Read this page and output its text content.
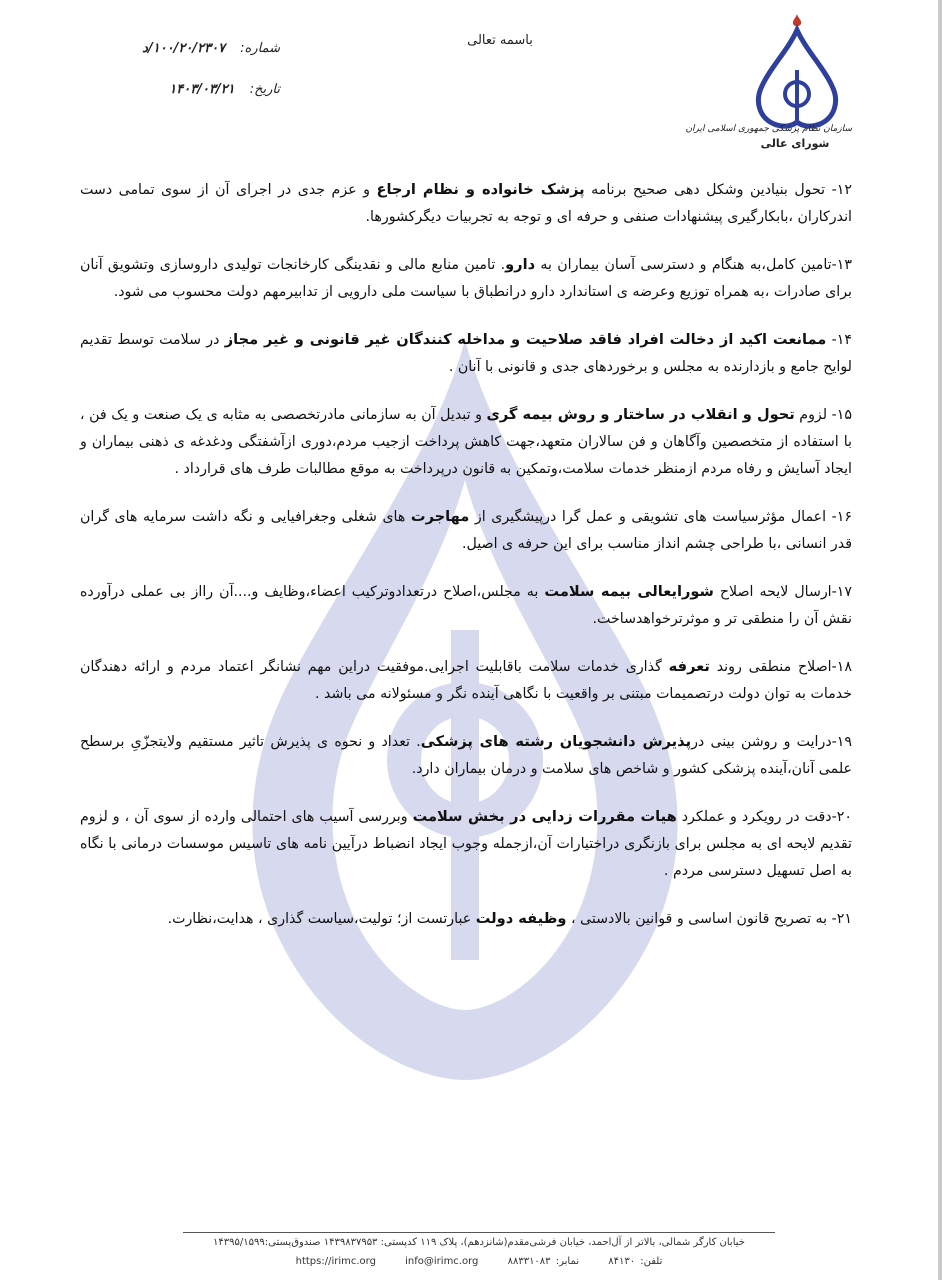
باسمه تعالی
شماره: ۱۰۰/۲۰/۲۳۰۷/د
تاریخ: ۱۴۰۳/۰۳/۲۱
سازمان نظام پزشکی جمهوری اسلامی ایران
شورای عالی

۱۲- تحول بنیادین وشکل دهی صحیح برنامه پزشک خانواده و نظام ارجاع و عزم جدی در اجرای آن از سوی تمامی دست اندرکاران ،بابکارگیری پیشنهادات صنفی و حرفه ای و توجه به تجربیات دیگرکشورها.

۱۳-تامین کامل،به هنگام و دسترسی آسان بیماران به دارو. تامین منابع مالی و نقدینگی کارخانجات تولیدی داروسازی وتشویق آنان برای صادرات ،به همراه توزیع وعرضه ی استاندارد دارو درانطباق با سیاست ملی دارویی از تدابیرمهم دولت محسوب می شود.

۱۴- ممانعت اکید از دخالت افراد فاقد صلاحیت و مداخله کنندگان غیر قانونی و غیر مجاز در سلامت توسط تقدیم لوایح جامع و بازدارنده به مجلس و برخوردهای جدی و قانونی با آنان .

۱۵- لزوم تحول و انقلاب در ساختار و روش بیمه گری و تبدیل آن به سازمانی مادرتخصصی به مثابه ی یک صنعت و یک فن ، با استفاده از متخصصین وآگاهان و فن سالاران متعهد،جهت کاهش پرداخت ازجیب مردم،دوری ازآشفتگی ودغدغه ی ذهنی بیماران و ایجاد آسایش و رفاه مردم ازمنظر خدمات سلامت،وتمکین به قانون درپرداخت به موقع مطالبات طرف های قرارداد .

۱۶- اعمال مؤثرسیاست های تشویقی و عمل گرا درپیشگیری از مهاجرت های شغلی وجغرافیایی و نگه داشت سرمایه های گران قدر انسانی ،با طراحی چشم انداز مناسب برای این حرفه ی اصیل.

۱۷-ارسال لایحه اصلاح شورایعالی بیمه سلامت به مجلس،اصلاح درتعدادوترکیب اعضاء،وظایف و....آن رااز بی عملی درآورده نقش آن را منطقی تر و موثرترخواهدساخت.

۱۸-اصلاح منطقی روند تعرفه گذاری خدمات سلامت باقابلیت اجرایی.موفقیت دراین مهم نشانگر اعتماد مردم و ارائه دهندگان خدمات به توان دولت درتصمیمات مبتنی بر واقعیت با نگاهی آینده نگر و مسئولانه می باشد .

۱۹-درایت و روشن بینی درپذیرش دانشجویان رشته های پزشکی. تعداد و نحوه ی پذیرش تاثیر مستقیم ولایتجزّیِ برسطح علمی آنان،آینده پزشکی کشور و شاخص های سلامت و درمان بیماران دارد.

۲۰-دقت در رویکرد و عملکرد هیات مقررات زدایی در بخش سلامت وبررسی آسیب های احتمالی وارده از سوی آن ، و لزوم تقدیم لایحه ای به مجلس برای بازنگری دراختیارات آن،ازجمله وجوب ایجاد انضباط درآیین نامه های تاسیس موسسات درمانی با نگاه به اصل تسهیل دسترسی مردم .

۲۱- به تصریح قانون اساسی و قوانین بالادستی ، وظیفه دولت عبارتست از؛ تولیت،سیاست گذاری ، هدایت،نظارت.

خیابان کارگر شمالی، بالاتر از آل‌احمد، خیابان فرشی‌مقدم(شانزدهم)، پلاک ۱۱۹ کدپستی: ۱۴۳۹۸۳۷۹۵۳ صندوق‌پستی:۱۴۳۹۵/۱۵۹۹
تلفن: ۸۴۱۳۰ نمابر: ۸۸۳۳۱۰۸۳ https://irimc.org	info@irimc.org
